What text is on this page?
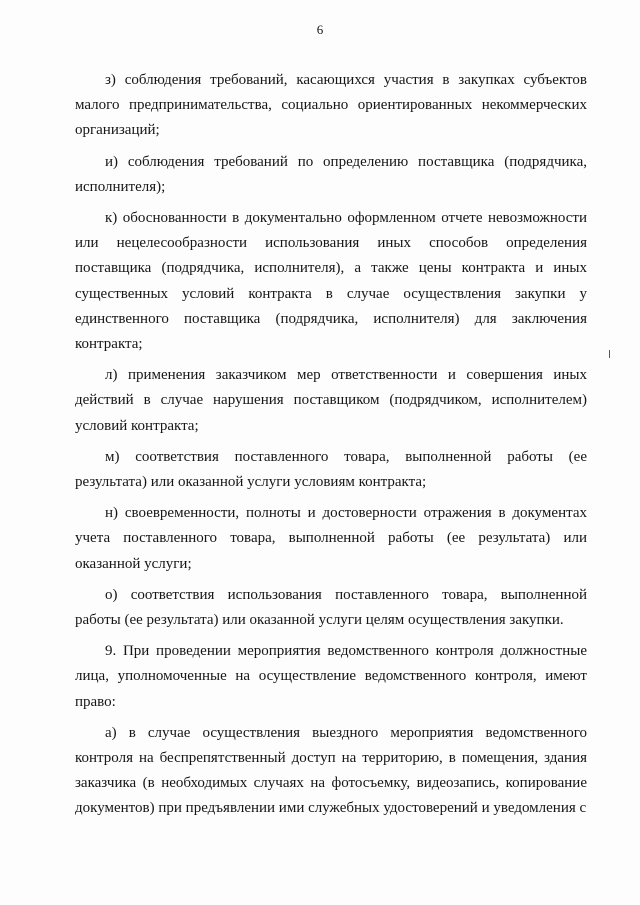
6

з) соблюдения требований, касающихся участия в закупках субъектов малого предпринимательства, социально ориентированных некоммерческих организаций;

и) соблюдения требований по определению поставщика (подрядчика, исполнителя);

к) обоснованности в документально оформленном отчете невозможности или нецелесообразности использования иных способов определения поставщика (подрядчика, исполнителя), а также цены контракта и иных существенных условий контракта в случае осуществления закупки у единственного поставщика (подрядчика, исполнителя) для заключения контракта;

л) применения заказчиком мер ответственности и совершения иных действий в случае нарушения поставщиком (подрядчиком, исполнителем) условий контракта;

м) соответствия поставленного товара, выполненной работы (ее результата) или оказанной услуги условиям контракта;

н) своевременности, полноты и достоверности отражения в документах учета поставленного товара, выполненной работы (ее результата) или оказанной услуги;

о) соответствия использования поставленного товара, выполненной работы (ее результата) или оказанной услуги целям осуществления закупки.

9. При проведении мероприятия ведомственного контроля должностные лица, уполномоченные на осуществление ведомственного контроля, имеют право:

а) в случае осуществления выездного мероприятия ведомственного контроля на беспрепятственный доступ на территорию, в помещения, здания заказчика (в необходимых случаях на фотосъемку, видеозапись, копирование документов) при предъявлении ими служебных удостоверений и уведомления с
